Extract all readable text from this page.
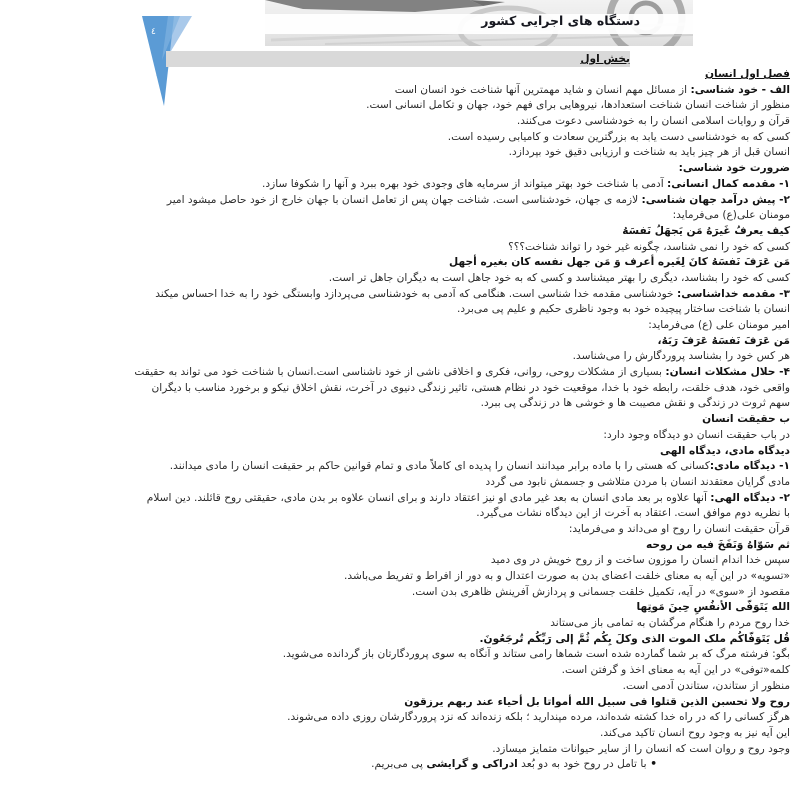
دستگاه های اجرایی کشور
٤
بخش اول
فصل اول انسان
الف - خود شناسی: از مسائل مهم انسان و شاید مهمترین آنها شناخت خود انسان است
منظور از شناخت انسان شناخت استعدادها، نیروهایی برای فهم خود، جهان و تکامل انسانی است.
قرآن و روایات اسلامی انسان را به خودشناسی دعوت می‌کنند.
کسی که به خودشناسی دست یابد به بزرگترین سعادت و کامیابی رسیده است.
انسان قبل از هر چیز باید به شناخت و ارزیابی دقیق خود بپردازد.
ضرورت خود شناسی:
۱- مقدمه کمال انسانی: آدمی با شناخت خود بهتر میتواند از سرمایه های وجودی خود بهره ببرد و آنها را شکوفا سازد.
۲- پیش درآمد جهان شناسی: لازمه ی جهان، خودشناسی است. شناخت جهان پس از تعامل انسان با جهان خارج از خود حاصل میشود امیر
مومنان علی(ع) می‌فرماید:
کیف یعرفُ غَیرَهُ مَن یَجهَلُ نَفسَهُ
کسی که خود را نمی شناسد، چگونه غیر خود را تواند شناخت؟؟؟
مَن عَرَفَ نَفسَهُ کانَ لِغَیره أعرف وَ مَن جهل نفسه کان بغیره أجهل
کسی که خود را بشناسد، دیگری را بهتر میشناسد و کسی که به خود جاهل است به دیگران جاهل تر است.
۳- مقدمه خداشناسی: خودشناسی مقدمه خدا شناسی است. هنگامی که آدمی به خودشناسی می‌پردازد وابستگی خود را به خدا احساس میکند
انسان با شناخت ساختار پیچیده خود به وجود ناظری حکیم و علیم پی می‌برد.
امیر مومنان علی (ع) می‌فرماید:
مَن عَرَفَ نَفسَهُ عَرَفَ رَبَهُ،
هر کس خود را بشناسد پروردگارش را می‌شناسد.
۴- حلال مشکلات انسان: بسیاری از مشکلات روحی، روانی، فکری و اخلاقی ناشی از خود ناشناسی است.انسان با شناخت خود می تواند به حقیقت
واقعی خود، هدف خلقت، رابطه خود با خدا، موقعیت خود در نظام هستی، تاثیر زندگی دنیوی در آخرت، نقش اخلاق نیکو و برخورد مناسب با دیگران
سهم ثروت در زندگی و نقش مصیبت ها و خوشی ها در زندگی پی ببرد.
ب حقیقت انسان
در باب حقیقت انسان دو دیدگاه وجود دارد:
دیدگاه مادی، دیدگاه الهی
۱- دیدگاه مادی:کسانی که هستی را با ماده برابر میدانند انسان را پدیده ای کاملاً مادی و تمام قوانین حاکم بر حقیقت انسان را مادی میدانند.
مادی گرایان معتقدند انسان با مردن متلاشی و جسمش نابود می گردد
۲- دیدگاه الهی: آنها علاوه بر بعد مادی انسان به بعد غیر مادی او نیز اعتقاد دارند و برای انسان علاوه بر بدن مادی، حقیقتی روح قائلند. دین اسلام
با نظریه دوم موافق است. اعتقاد به آخرت از این دیدگاه نشات می‌گیرد.
قرآن حقیقت انسان را روح او می‌داند و می‌فرماید:
ثم سَوّاهُ وَنَفَخَ فیه من روحه
سپس خدا اندام انسان را موزون ساخت و از روح خویش در وی دمید
«تسویه» در این آیه به معنای خلقت اعضای بدن به صورت اعتدال و به دور از افراط و تفریط می‌باشد.
مقصود از «سوی» در آیه، تکمیل خلقت جسمانی و پردازش آفرینش ظاهری بدن است.
الله یَتَوَفّی الأنفُسِ حِینَ مَوتِها
خدا روح مردم را هنگام مرگشان به تمامی باز می‌ستاند
قُل یَتَوَفّاکُم ملک الموت الذی وکلَ بِکُم ثُمَّ إلی رَبِّکُم تُرجَعُونَ.
بگو: فرشته مرگ که بر شما گمارده شده است شماها رامی ستاند و آنگاه به سوی پروردگارتان باز گردانده می‌شوید.
کلمه«توفی» در این آیه به معنای اخذ و گرفتن است.
منظور از ستاندن، ستاندن آدمی است.
روح ولا تحسبن الذین قتلوا فی سبیل الله أمواتا بل أحیاء عند ربهم یرزقون
هرگز کسانی را که در راه خدا کشته شده‌اند، مرده مپندارید ؛ بلکه زنده‌اند که نزد پروردگارشان روزی داده می‌شوند.
این آیه نیز به وجود روح انسان تاکید می‌کند.
وجود روح و روان است که انسان را از سایر حیوانات متمایز میسازد.
• با تامل در روح خود به دو بُعد ادراکی و گرایشی پی می‌بریم.
